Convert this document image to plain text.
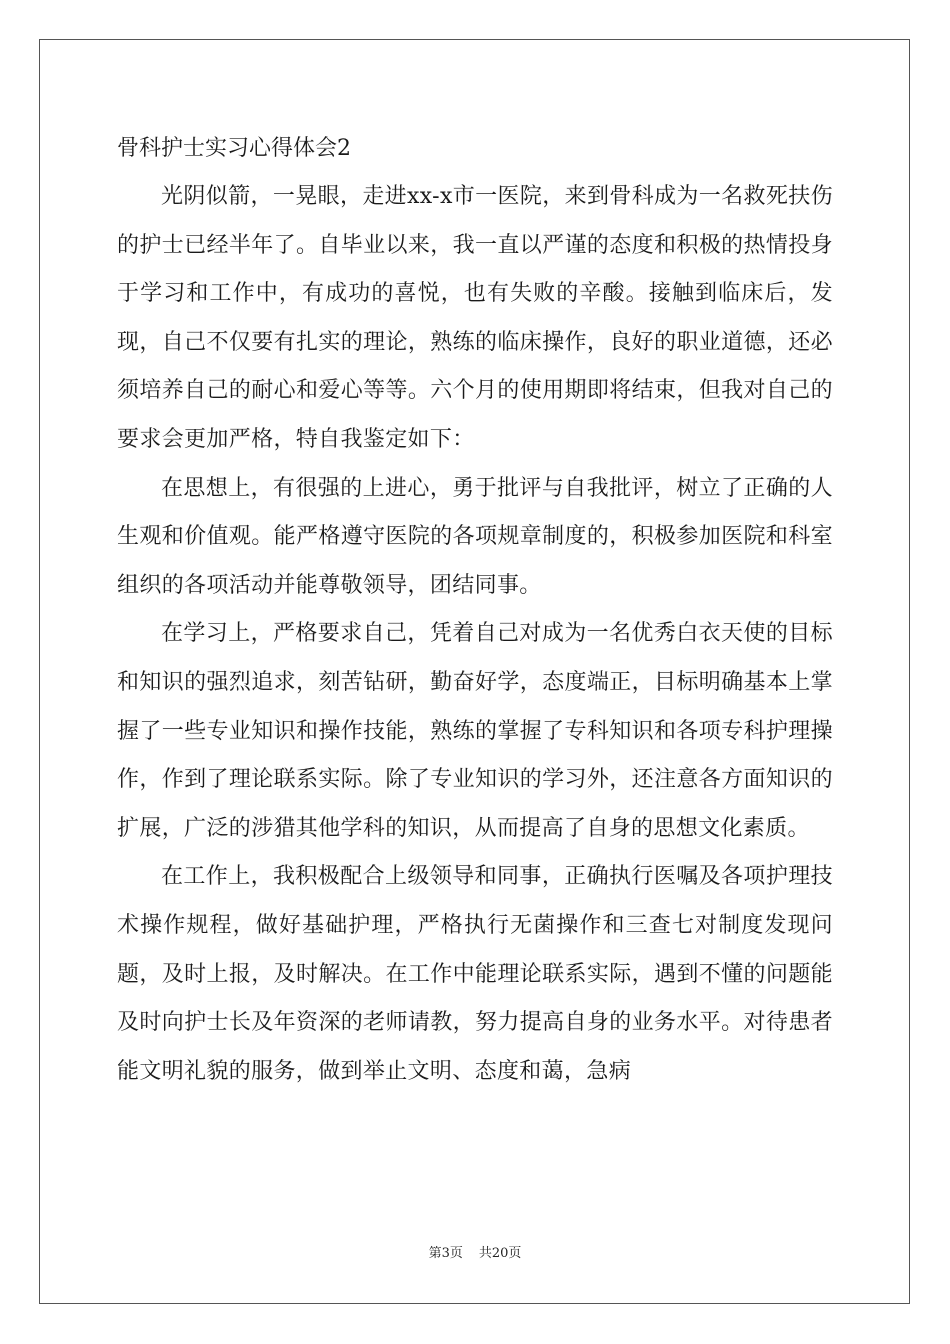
骨科护士实习心得体会2

光阴似箭，一晃眼，走进xx-x市一医院，来到骨科成为一名救死扶伤的护士已经半年了。自毕业以来，我一直以严谨的态度和积极的热情投身于学习和工作中，有成功的喜悦，也有失败的辛酸。接触到临床后，发现，自己不仅要有扎实的理论，熟练的临床操作，良好的职业道德，还必须培养自己的耐心和爱心等等。六个月的使用期即将结束，但我对自己的要求会更加严格，特自我鉴定如下：

在思想上，有很强的上进心，勇于批评与自我批评，树立了正确的人生观和价值观。能严格遵守医院的各项规章制度的，积极参加医院和科室组织的各项活动并能尊敬领导，团结同事。

在学习上，严格要求自己，凭着自己对成为一名优秀白衣天使的目标和知识的强烈追求，刻苦钻研，勤奋好学，态度端正，目标明确基本上掌握了一些专业知识和操作技能，熟练的掌握了专科知识和各项专科护理操作，作到了理论联系实际。除了专业知识的学习外，还注意各方面知识的扩展，广泛的涉猎其他学科的知识，从而提高了自身的思想文化素质。

在工作上，我积极配合上级领导和同事，正确执行医嘱及各项护理技术操作规程，做好基础护理，严格执行无菌操作和三查七对制度发现问题，及时上报，及时解决。在工作中能理论联系实际，遇到不懂的问题能及时向护士长及年资深的老师请教，努力提高自身的业务水平。对待患者能文明礼貌的服务，做到举止文明、态度和蔼，急病

第3页 共20页
